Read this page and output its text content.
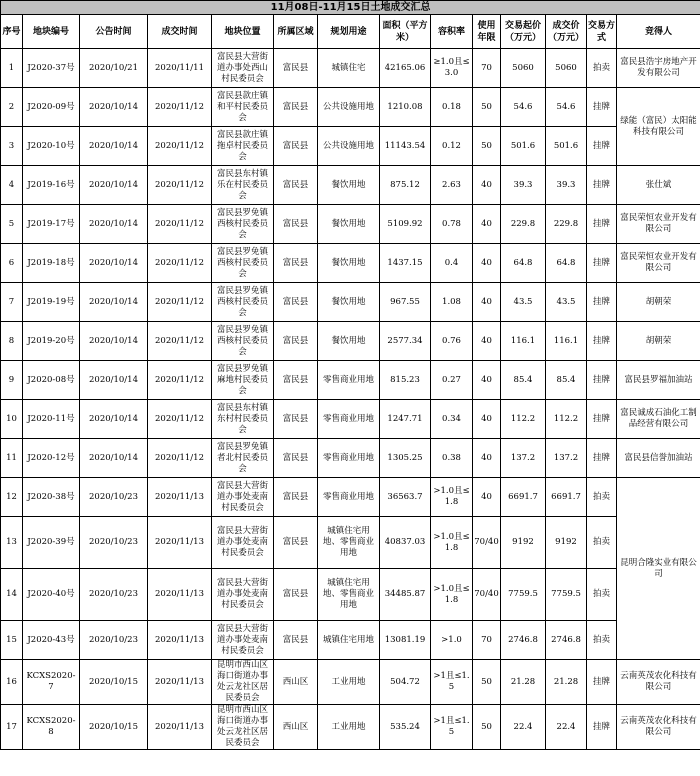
11月08日-11月15日土地成交汇总													
序号	地块编号	公告时间	成交时间	地块位置	所属区域	规划用途	面积（平方米）	容积率	使用年限	交易起价（万元）	成交价（万元）	交易方式	竞得人
1	J2020-37号	2020/10/21	2020/11/11	富民县大营街道办事处西山村民委员会	富民县	城镇住宅	42165.06	≥1.0且≤3.0	70	5060	5060	拍卖	富民县浩宇房地产开发有限公司
2	J2020-09号	2020/10/14	2020/11/12	富民县款庄镇和平村民委员会	富民县	公共设施用地	1210.08	0.18	50	54.6	54.6	挂牌	绿能（富民）太阳能科技有限公司
3	J2020-10号	2020/10/14	2020/11/12	富民县款庄镇拖卓村民委员会	富民县	公共设施用地	11143.54	0.12	50	501.6	501.6	挂牌	
4	J2019-16号	2020/10/14	2020/11/12	富民县东村镇乐在村民委员会	富民县	餐饮用地	875.12	2.63	40	39.3	39.3	挂牌	张仕斌
5	J2019-17号	2020/10/14	2020/11/12	富民县罗免镇西核村民委员会	富民县	餐饮用地	5109.92	0.78	40	229.8	229.8	挂牌	富民荣恒农业开发有限公司
6	J2019-18号	2020/10/14	2020/11/12	富民县罗免镇西核村民委员会	富民县	餐饮用地	1437.15	0.4	40	64.8	64.8	挂牌	富民荣恒农业开发有限公司
7	J2019-19号	2020/10/14	2020/11/12	富民县罗免镇西核村民委员会	富民县	餐饮用地	967.55	1.08	40	43.5	43.5	挂牌	胡朝荣
8	J2019-20号	2020/10/14	2020/11/12	富民县罗免镇西核村民委员会	富民县	餐饮用地	2577.34	0.76	40	116.1	116.1	挂牌	胡朝荣
9	J2020-08号	2020/10/14	2020/11/12	富民县罗免镇麻地村民委员会	富民县	零售商业用地	815.23	0.27	40	85.4	85.4	挂牌	富民县罗福加油站
10	J2020-11号	2020/10/14	2020/11/12	富民县东村镇东村村民委员会	富民县	零售商业用地	1247.71	0.34	40	112.2	112.2	挂牌	富民诚成石油化工制品经营有限公司
11	J2020-12号	2020/10/14	2020/11/12	富民县罗免镇者北村民委员会	富民县	零售商业用地	1305.25	0.38	40	137.2	137.2	挂牌	富民县信誉加油站
12	J2020-38号	2020/10/23	2020/11/13	富民县大营街道办事处麦南村民委员会	富民县	零售商业用地	36563.7	>1.0且≤1.8	40	6691.7	6691.7	拍卖	昆明合隆实业有限公司
13	J2020-39号	2020/10/23	2020/11/13	富民县大营街道办事处麦南村民委员会	富民县	城镇住宅用地、零售商业用地	40837.03	>1.0且≤1.8	70/40	9192	9192	拍卖	
14	J2020-40号	2020/10/23	2020/11/13	富民县大营街道办事处麦南村民委员会	富民县	城镇住宅用地、零售商业用地	34485.87	>1.0且≤1.8	70/40	7759.5	7759.5	拍卖	
15	J2020-43号	2020/10/23	2020/11/13	富民县大营街道办事处麦南村民委员会	富民县	城镇住宅用地	13081.19	>1.0	70	2746.8	2746.8	拍卖	
16	KCXS2020-7	2020/10/15	2020/11/13	昆明市西山区海口街道办事处云龙社区居民委员会	西山区	工业用地	504.72	>1且≤1.5	50	21.28	21.28	挂牌	云南英茂农化科技有限公司
17	KCXS2020-8	2020/10/15	2020/11/13	昆明市西山区海口街道办事处云龙社区居民委员会	西山区	工业用地	535.24	>1且≤1.5	50	22.4	22.4	挂牌	云南英茂农化科技有限公司
